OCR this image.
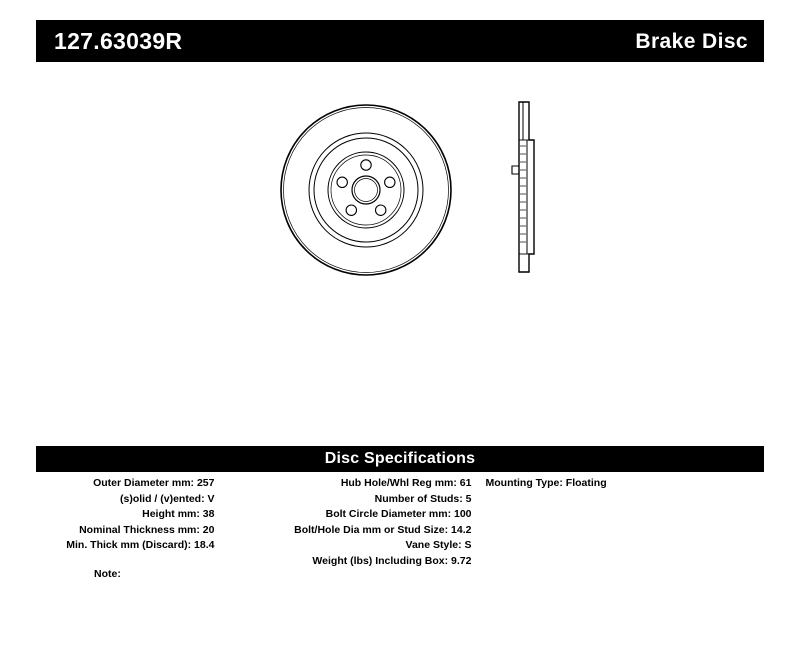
127.63039R	Brake Disc
Disc Specifications
Outer Diameter mm: 257
(s)olid / (v)ented: V
Height mm: 38
Nominal Thickness mm: 20
Min. Thick mm (Discard): 18.4
Hub Hole/Whl Reg mm: 61
Number of Studs: 5
Bolt Circle Diameter mm: 100
Bolt/Hole Dia mm or Stud Size: 14.2
Vane Style: S
Weight (lbs) Including Box: 9.72
Mounting Type: Floating
Note:
